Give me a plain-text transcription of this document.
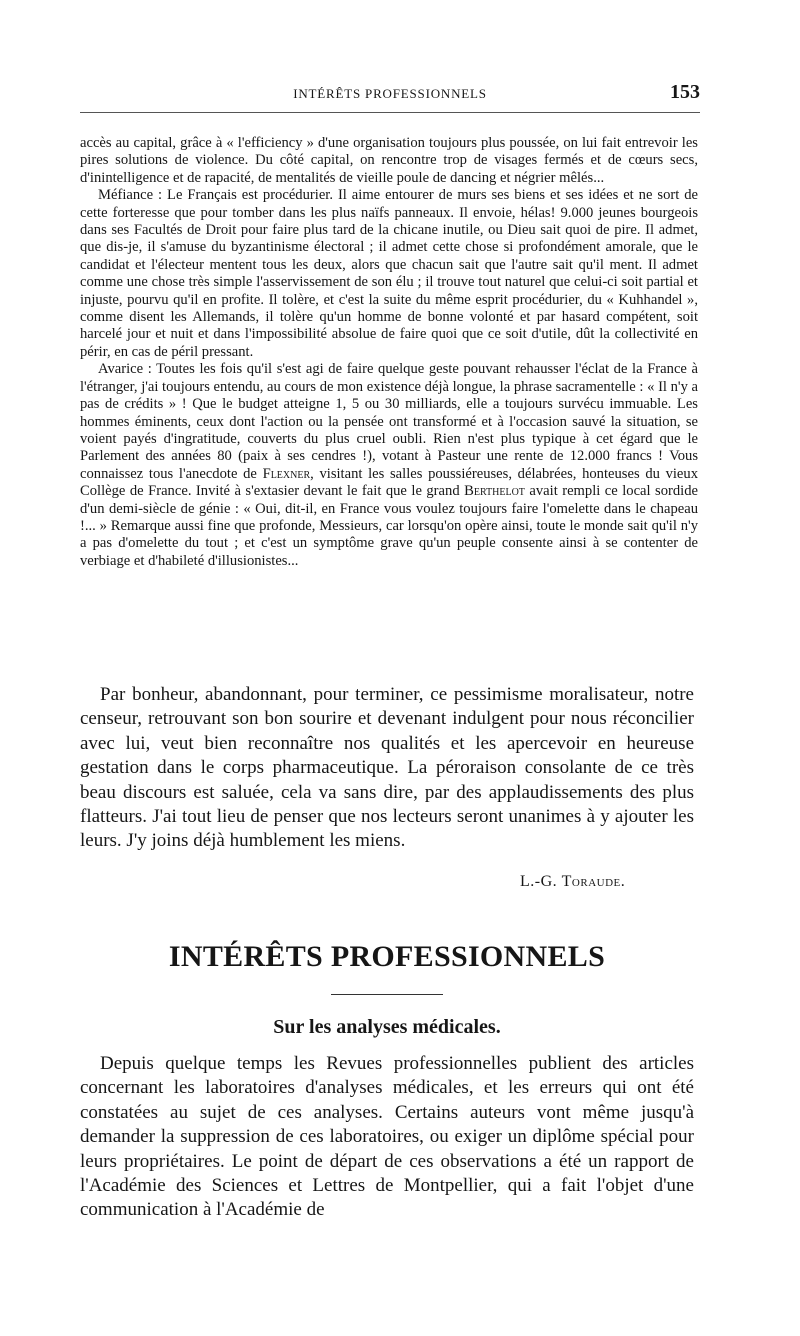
INTÉRÊTS PROFESSIONNELS	153

accès au capital, grâce à « l'efficiency » d'une organisation toujours plus poussée, on lui fait entrevoir les pires solutions de violence. Du côté capital, on rencontre trop de visages fermés et de cœurs secs, d'inintelligence et de rapacité, de mentalités de vieille poule de dancing et négrier mêlés...

Méfiance : Le Français est procédurier. Il aime entourer de murs ses biens et ses idées et ne sort de cette forteresse que pour tomber dans les plus naïfs panneaux. Il envoie, hélas! 9.000 jeunes bourgeois dans ses Facultés de Droit pour faire plus tard de la chicane inutile, ou Dieu sait quoi de pire. Il admet, que dis-je, il s'amuse du byzantinisme électoral ; il admet cette chose si profondément amorale, que le candidat et l'électeur mentent tous les deux, alors que chacun sait que l'autre sait qu'il ment. Il admet comme une chose très simple l'asservissement de son élu ; il trouve tout naturel que celui-ci soit partial et injuste, pourvu qu'il en profite. Il tolère, et c'est la suite du même esprit procédurier, du « Kuhhandel », comme disent les Allemands, il tolère qu'un homme de bonne volonté et par hasard compétent, soit harcelé jour et nuit et dans l'impossibilité absolue de faire quoi que ce soit d'utile, dût la collectivité en périr, en cas de péril pressant.

Avarice : Toutes les fois qu'il s'est agi de faire quelque geste pouvant rehausser l'éclat de la France à l'étranger, j'ai toujours entendu, au cours de mon existence déjà longue, la phrase sacramentelle : « Il n'y a pas de crédits » ! Que le budget atteigne 1, 5 ou 30 milliards, elle a toujours survécu immuable. Les hommes éminents, ceux dont l'action ou la pensée ont transformé et à l'occasion sauvé la situation, se voient payés d'ingratitude, couverts du plus cruel oubli. Rien n'est plus typique à cet égard que le Parlement des années 80 (paix à ses cendres !), votant à Pasteur une rente de 12.000 francs ! Vous connaissez tous l'anecdote de Flexner, visitant les salles poussiéreuses, délabrées, honteuses du vieux Collège de France. Invité à s'extasier devant le fait que le grand Berthelot avait rempli ce local sordide d'un demi-siècle de génie : « Oui, dit-il, en France vous voulez toujours faire l'omelette dans le chapeau !... » Remarque aussi fine que profonde, Messieurs, car lorsqu'on opère ainsi, toute le monde sait qu'il n'y a pas d'omelette du tout ; et c'est un symptôme grave qu'un peuple consente ainsi à se contenter de verbiage et d'habileté d'illusionistes...

Par bonheur, abandonnant, pour terminer, ce pessimisme moralisateur, notre censeur, retrouvant son bon sourire et devenant indulgent pour nous réconcilier avec lui, veut bien reconnaître nos qualités et les apercevoir en heureuse gestation dans le corps pharmaceutique. La péroraison consolante de ce très beau discours est saluée, cela va sans dire, par des applaudissements des plus flatteurs. J'ai tout lieu de penser que nos lecteurs seront unanimes à y ajouter les leurs. J'y joins déjà humblement les miens.

L.-G. Toraude.
INTÉRÊTS PROFESSIONNELS
Sur les analyses médicales.

Depuis quelque temps les Revues professionnelles publient des articles concernant les laboratoires d'analyses médicales, et les erreurs qui ont été constatées au sujet de ces analyses. Certains auteurs vont même jusqu'à demander la suppression de ces laboratoires, ou exiger un diplôme spécial pour leurs propriétaires. Le point de départ de ces observations a été un rapport de l'Académie des Sciences et Lettres de Montpellier, qui a fait l'objet d'une communication à l'Académie de
